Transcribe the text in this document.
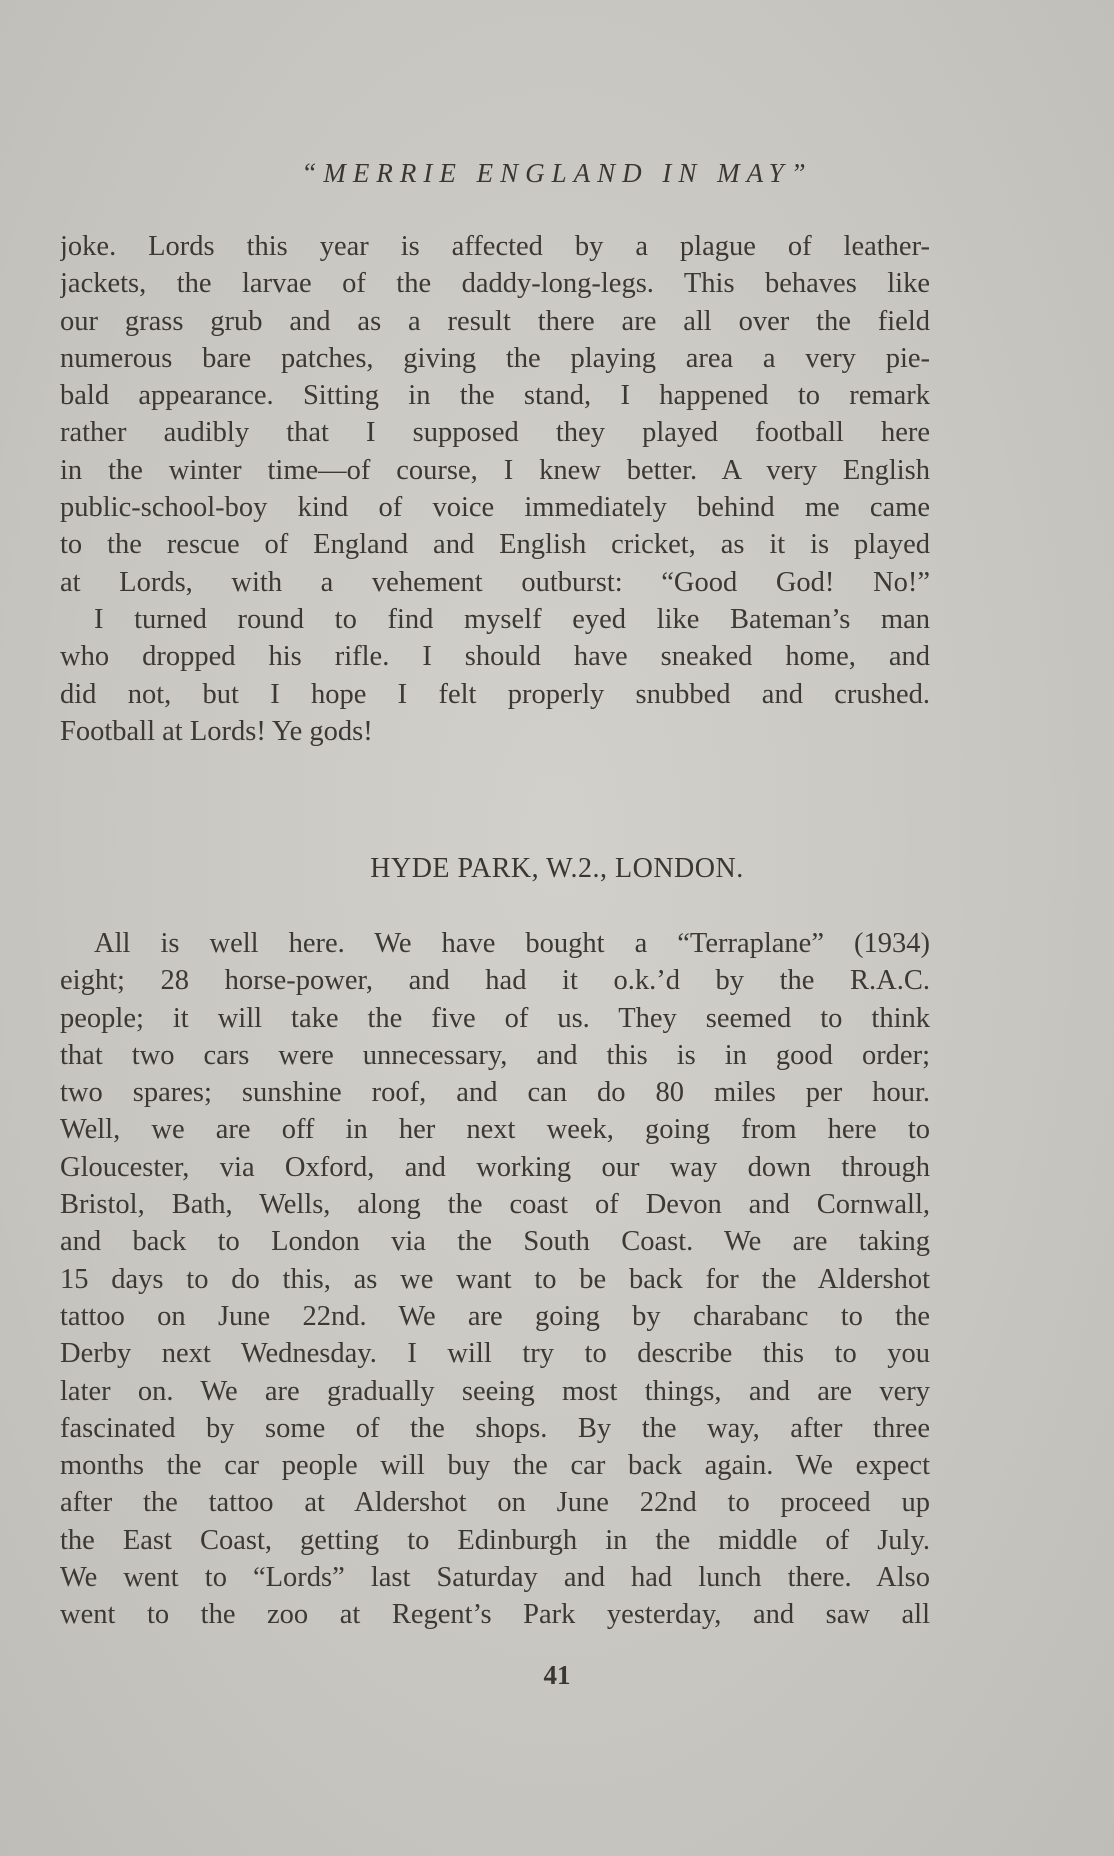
“MERRIE ENGLAND IN MAY”
joke. Lords this year is affected by a plague of leather-
jackets, the larvae of the daddy-long-legs. This behaves like
our grass grub and as a result there are all over the field
numerous bare patches, giving the playing area a very pie-
bald appearance. Sitting in the stand, I happened to remark
rather audibly that I supposed they played football here
in the winter time—of course, I knew better. A very English
public-school-boy kind of voice immediately behind me came
to the rescue of England and English cricket, as it is played
at Lords, with a vehement outburst: “Good God! No!”
I turned round to find myself eyed like Bateman’s man
who dropped his rifle. I should have sneaked home, and
did not, but I hope I felt properly snubbed and crushed.
Football at Lords! Ye gods!
HYDE PARK, W.2., LONDON.
All is well here. We have bought a “Terraplane” (1934)
eight; 28 horse-power, and had it o.k.’d by the R.A.C.
people; it will take the five of us. They seemed to think
that two cars were unnecessary, and this is in good order;
two spares; sunshine roof, and can do 80 miles per hour.
Well, we are off in her next week, going from here to
Gloucester, via Oxford, and working our way down through
Bristol, Bath, Wells, along the coast of Devon and Cornwall,
and back to London via the South Coast. We are taking
15 days to do this, as we want to be back for the Aldershot
tattoo on June 22nd. We are going by charabanc to the
Derby next Wednesday. I will try to describe this to you
later on. We are gradually seeing most things, and are very
fascinated by some of the shops. By the way, after three
months the car people will buy the car back again. We expect
after the tattoo at Aldershot on June 22nd to proceed up
the East Coast, getting to Edinburgh in the middle of July.
We went to “Lords” last Saturday and had lunch there. Also
went to the zoo at Regent’s Park yesterday, and saw all
41
